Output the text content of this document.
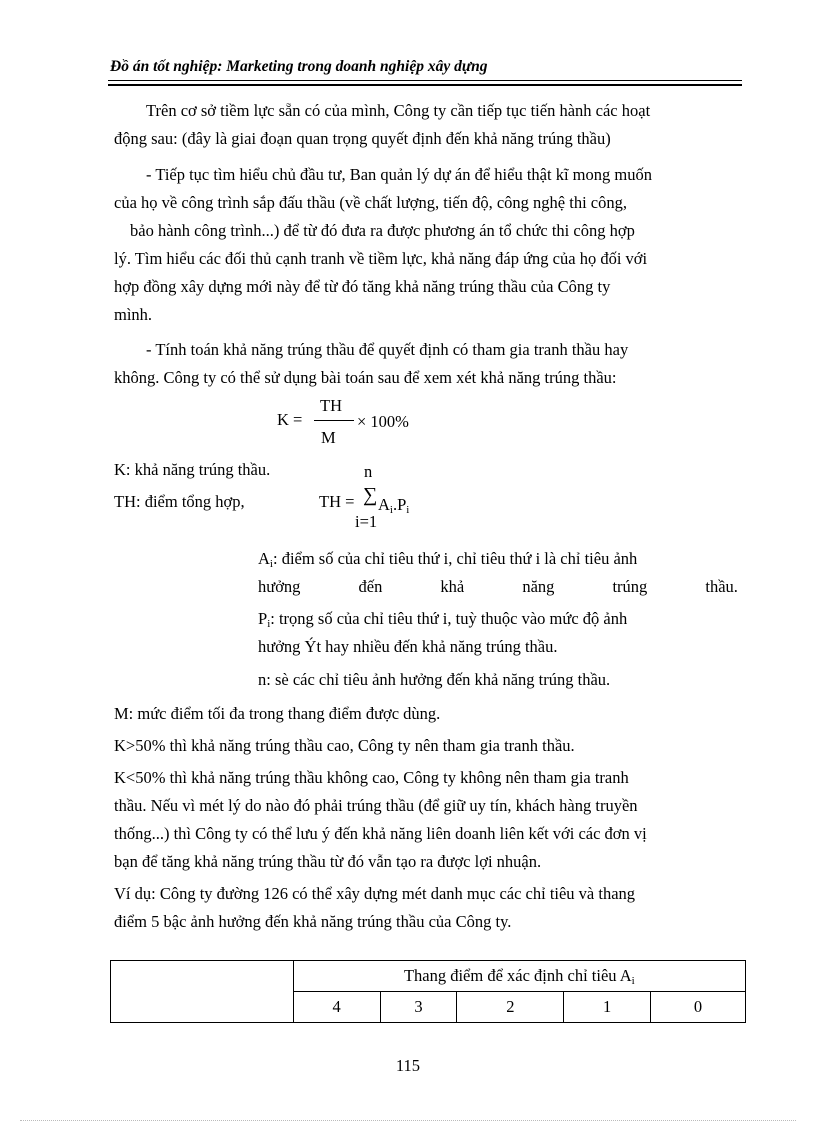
Đồ án tốt nghiệp: Marketing trong doanh nghiệp xây dựng
Trên cơ sở tiềm lực sẵn có của mình, Công ty cần tiếp tục tiến hành các hoạt
động sau: (đây là giai đoạn quan trọng quyết định đến khả năng trúng thầu)
- Tiếp tục tìm hiểu chủ đầu tư, Ban quản lý dự án để hiểu thật kĩ mong muốn
của họ về công trình sắp đấu thầu (về chất lượng, tiến độ, công nghệ thi công,
bảo hành công trình...) để từ đó đưa ra được phương án tổ chức thi công hợp
lý. Tìm hiểu các đối thủ cạnh tranh về tiềm lực, khả năng đáp ứng của họ đối với
hợp đồng xây dựng mới này để từ đó tăng khả năng trúng thầu của Công ty
mình.
- Tính toán khả năng trúng thầu để quyết định có tham gia tranh thầu hay
không. Công ty có thể sử dụng bài toán sau để xem xét khả năng trúng thầu:
K =
TH
M
× 100%
K: khả năng trúng thầu.
TH: điểm tổng hợp,
n
TH = ∑ $A_i.P_i$
i=1
$A_i$: điểm số của chỉ tiêu thứ i, chỉ tiêu thứ i là chỉ tiêu ảnh
hưởng	đến	khả	năng	trúng	thầu.
$P_i$: trọng số của chỉ tiêu thứ i, tuỳ thuộc vào mức độ ảnh
hưởng Ýt hay nhiều đến khả năng trúng thầu.
n: sè các chỉ tiêu ảnh hưởng đến khả năng trúng thầu.
M: mức điểm tối đa trong thang điểm được dùng.
K>50% thì khả năng trúng thầu cao, Công ty nên tham gia tranh thầu.
K<50% thì khả năng trúng thầu không cao, Công ty không nên tham gia tranh
thầu. Nếu vì mét lý do nào đó phải trúng thầu (để giữ uy tín, khách hàng truyền
thống...) thì Công ty có thể lưu ý đến khả năng liên doanh liên kết với các đơn vị
bạn để tăng khả năng trúng thầu từ đó vẫn tạo ra được lợi nhuận.
Ví dụ: Công ty đường 126 có thể xây dựng mét danh mục các chỉ tiêu và thang
điểm 5 bậc ảnh hưởng đến khả năng trúng thầu của Công ty.
	Thang điểm để xác định chỉ tiêu $A_i$
	4	3	2	1	0
115
